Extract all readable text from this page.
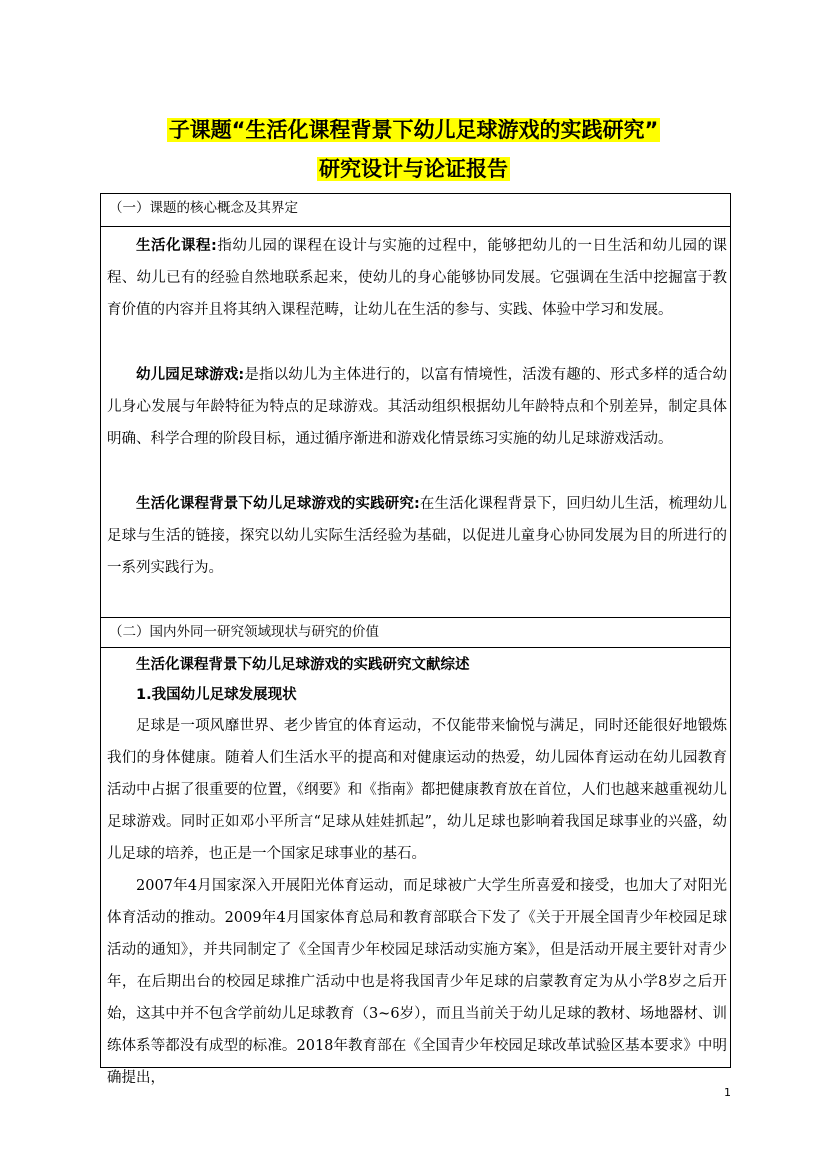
子课题“生活化课程背景下幼儿足球游戏的实践研究”
研究设计与论证报告
（一）课题的核心概念及其界定

生活化课程:指幼儿园的课程在设计与实施的过程中，能够把幼儿的一日生活和幼儿园的课程、幼儿已有的经验自然地联系起来，使幼儿的身心能够协同发展。它强调在生活中挖掘富于教育价值的内容并且将其纳入课程范畴，让幼儿在生活的参与、实践、体验中学习和发展。

幼儿园足球游戏:是指以幼儿为主体进行的，以富有情境性，活泼有趣的、形式多样的适合幼儿身心发展与年龄特征为特点的足球游戏。其活动组织根据幼儿年龄特点和个别差异，制定具体明确、科学合理的阶段目标，通过循序渐进和游戏化情景练习实施的幼儿足球游戏活动。

生活化课程背景下幼儿足球游戏的实践研究:在生活化课程背景下，回归幼儿生活，梳理幼儿足球与生活的链接，探究以幼儿实际生活经验为基础，以促进儿童身心协同发展为目的所进行的一系列实践行为。

（二）国内外同一研究领域现状与研究的价值

生活化课程背景下幼儿足球游戏的实践研究文献综述

1.我国幼儿足球发展现状

足球是一项风靡世界、老少皆宜的体育运动，不仅能带来愉悦与满足，同时还能很好地锻炼我们的身体健康。随着人们生活水平的提高和对健康运动的热爱，幼儿园体育运动在幼儿园教育活动中占据了很重要的位置，《纲要》和《指南》都把健康教育放在首位，人们也越来越重视幼儿足球游戏。同时正如邓小平所言“足球从娃娃抓起”，幼儿足球也影响着我国足球事业的兴盛，幼儿足球的培养，也正是一个国家足球事业的基石。

2007年4月国家深入开展阳光体育运动，而足球被广大学生所喜爱和接受，也加大了对阳光体育活动的推动。2009年4月国家体育总局和教育部联合下发了《关于开展全国青少年校园足球活动的通知》，并共同制定了《全国青少年校园足球活动实施方案》，但是活动开展主要针对青少年，在后期出台的校园足球推广活动中也是将我国青少年足球的启蒙教育定为从小学8岁之后开始，这其中并不包含学前幼儿足球教育（3~6岁），而且当前关于幼儿足球的教材、场地器材、训练体系等都没有成型的标准。2018年教育部在《全国青少年校园足球改革试验区基本要求》中明确提出，

1
